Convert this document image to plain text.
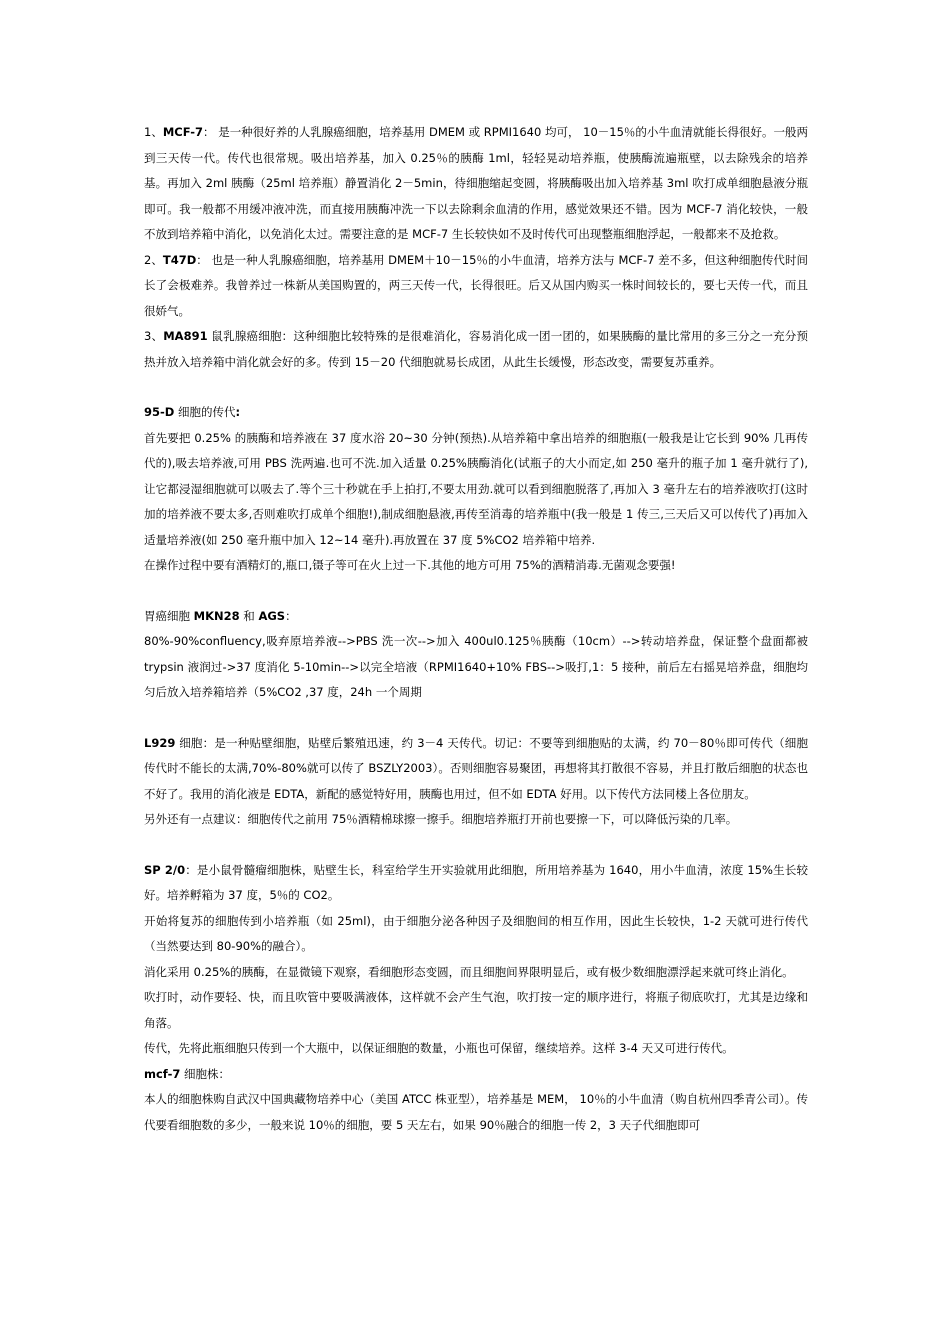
1、MCF-7： 是一种很好养的人乳腺癌细胞，培养基用 DMEM 或 RPMI1640 均可， 10－15％的小牛血清就能长得很好。一般两到三天传一代。传代也很常规。吸出培养基，加入 0.25％的胰酶 1ml，轻轻晃动培养瓶，使胰酶流遍瓶壁，以去除残余的培养基。再加入 2ml 胰酶（25ml 培养瓶）静置消化 2－5min，待细胞缩起变圆，将胰酶吸出加入培养基 3ml 吹打成单细胞悬液分瓶即可。我一般都不用缓冲液冲洗，而直接用胰酶冲洗一下以去除剩余血清的作用，感觉效果还不错。因为 MCF-7 消化较快，一般不放到培养箱中消化，以免消化太过。需要注意的是 MCF-7 生长较快如不及时传代可出现整瓶细胞浮起，一般都来不及抢救。

2、T47D： 也是一种人乳腺癌细胞，培养基用 DMEM＋10－15％的小牛血清，培养方法与 MCF-7 差不多，但这种细胞传代时间长了会极难养。我曾养过一株新从美国购置的，两三天传一代，长得很旺。后又从国内购买一株时间较长的，要七天传一代，而且很娇气。

3、MA891 鼠乳腺癌细胞：这种细胞比较特殊的是很难消化，容易消化成一团一团的，如果胰酶的量比常用的多三分之一充分预热并放入培养箱中消化就会好的多。传到 15－20 代细胞就易长成团，从此生长缓慢，形态改变，需要复苏重养。

95-D 细胞的传代:

首先要把 0.25% 的胰酶和培养液在 37 度水浴 20~30 分钟(预热).从培养箱中拿出培养的细胞瓶(一般我是让它长到 90% 几再传代的),吸去培养液,可用 PBS 洗两遍.也可不洗.加入适量 0.25%胰酶消化(试瓶子的大小而定,如 250 毫升的瓶子加 1 毫升就行了),让它都浸湿细胞就可以吸去了.等个三十秒就在手上拍打,不要太用劲.就可以看到细胞脱落了,再加入 3 毫升左右的培养液吹打(这时加的培养液不要太多,否则难吹打成单个细胞!),制成细胞悬液,再传至消毒的培养瓶中(我一般是 1 传三,三天后又可以传代了)再加入适量培养液(如 250 毫升瓶中加入 12~14 毫升).再放置在 37 度 5%CO2 培养箱中培养.

在操作过程中要有酒精灯的,瓶口,镊子等可在火上过一下.其他的地方可用 75%的酒精消毒.无菌观念要强!

胃癌细胞 MKN28 和 AGS：

80%-90%confluency,吸弃原培养液-->PBS 洗一次-->加入 400ul0.125％胰酶（10cm）-->转动培养盘，保证整个盘面都被 trypsin 液润过->37 度消化 5-10min-->以完全培液（RPMI1640+10% FBS-->吸打,1：5 接种，前后左右摇晃培养盘，细胞均匀后放入培养箱培养（5%CO2 ,37 度，24h 一个周期

L929 细胞：是一种贴壁细胞，贴壁后繁殖迅速，约 3－4 天传代。切记：不要等到细胞贴的太满，约 70－80％即可传代（细胞传代时不能长的太满,70%-80%就可以传了 BSZLY2003）。否则细胞容易聚团，再想将其打散很不容易，并且打散后细胞的状态也不好了。我用的消化液是 EDTA，新配的感觉特好用，胰酶也用过，但不如 EDTA 好用。以下传代方法同楼上各位朋友。

另外还有一点建议：细胞传代之前用 75％酒精棉球擦一擦手。细胞培养瓶打开前也要擦一下，可以降低污染的几率。

SP 2/0：是小鼠骨髓瘤细胞株，贴壁生长，科室给学生开实验就用此细胞，所用培养基为 1640，用小牛血清，浓度 15%生长较好。培养孵箱为 37 度，5％的 CO2。

开始将复苏的细胞传到小培养瓶（如 25ml)，由于细胞分泌各种因子及细胞间的相互作用，因此生长较快，1-2 天就可进行传代（当然要达到 80-90%的融合）。

消化采用 0.25%的胰酶，在显微镜下观察，看细胞形态变圆，而且细胞间界限明显后，或有极少数细胞漂浮起来就可终止消化。

吹打时，动作要轻、快，而且吹管中要吸满液体，这样就不会产生气泡，吹打按一定的顺序进行，将瓶子彻底吹打，尤其是边缘和角落。

传代，先将此瓶细胞只传到一个大瓶中，以保证细胞的数量，小瓶也可保留，继续培养。这样 3-4 天又可进行传代。

mcf-7 细胞株：

本人的细胞株购自武汉中国典藏物培养中心（美国 ATCC 株亚型），培养基是 MEM， 10％的小牛血清（购自杭州四季青公司）。传代要看细胞数的多少，一般来说 10％的细胞，要 5 天左右，如果 90％融合的细胞一传 2，3 天子代细胞即可
